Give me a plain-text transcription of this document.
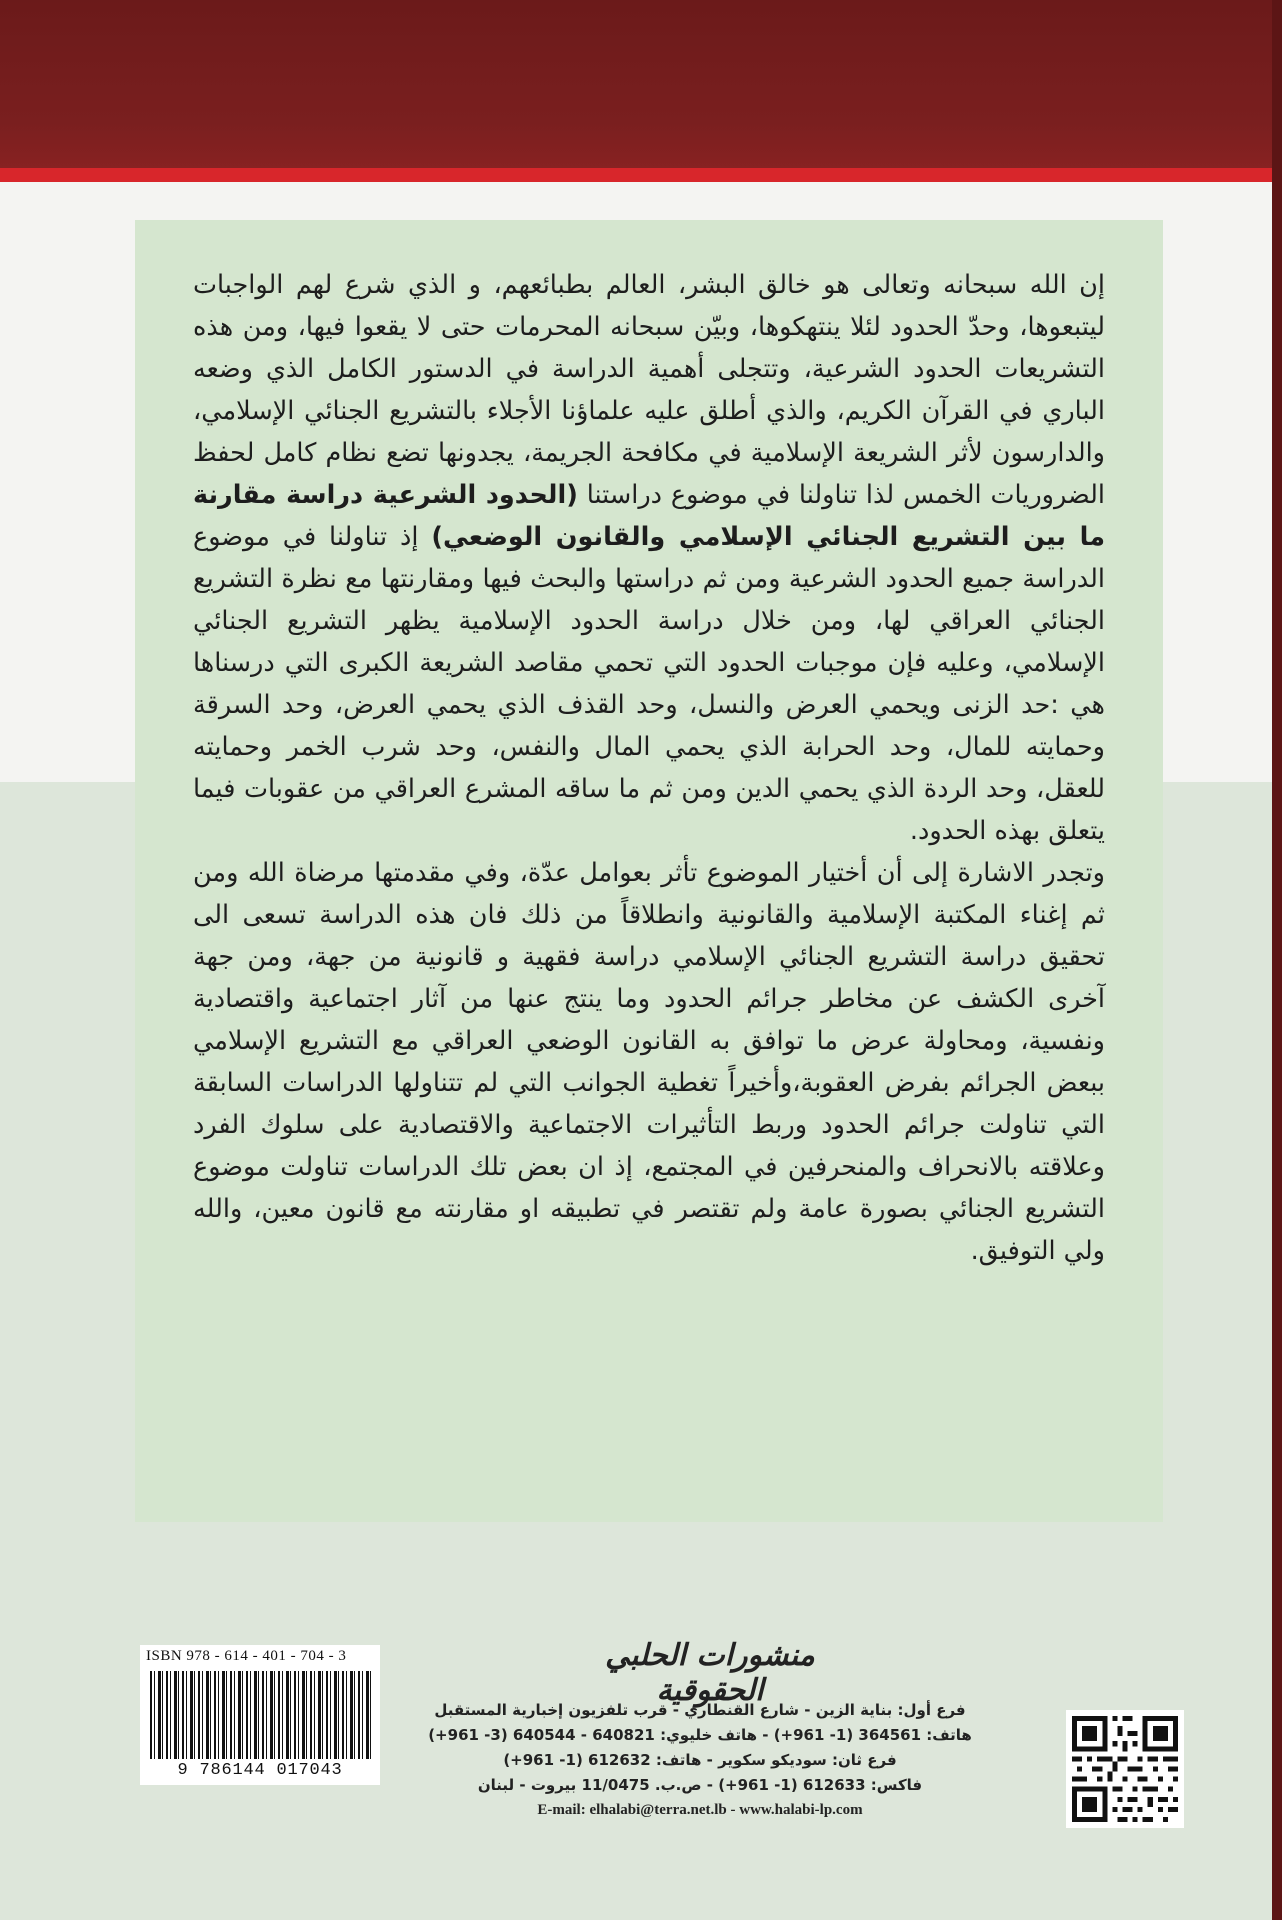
إن الله سبحانه وتعالى هو خالق البشر، العالم بطبائعهم، و الذي شرع لهم الواجبات ليتبعوها، وحدّ الحدود لئلا ينتهكوها، وبيّن سبحانه المحرمات حتى لا يقعوا فيها، ومن هذه التشريعات الحدود الشرعية، وتتجلى أهمية الدراسة في الدستور الكامل الذي وضعه الباري في القرآن الكريم، والذي أطلق عليه علماؤنا الأجلاء بالتشريع الجنائي الإسلامي، والدارسون لأثر الشريعة الإسلامية في مكافحة الجريمة، يجدونها تضع نظام كامل لحفظ الضروريات الخمس لذا تناولنا في موضوع دراستنا (الحدود الشرعية دراسة مقارنة ما بين التشريع الجنائي الإسلامي والقانون الوضعي) إذ تناولنا في موضوع الدراسة جميع الحدود الشرعية ومن ثم دراستها والبحث فيها ومقارنتها مع نظرة التشريع الجنائي العراقي لها، ومن خلال دراسة الحدود الإسلامية يظهر التشريع الجنائي الإسلامي، وعليه فإن موجبات الحدود التي تحمي مقاصد الشريعة الكبرى التي درسناها هي :حد الزنى ويحمي العرض والنسل، وحد القذف الذي يحمي العرض، وحد السرقة وحمايته للمال، وحد الحرابة الذي يحمي المال والنفس، وحد شرب الخمر وحمايته للعقل، وحد الردة الذي يحمي الدين ومن ثم ما ساقه المشرع العراقي من عقوبات فيما يتعلق بهذه الحدود.

وتجدر الاشارة إلى أن أختيار الموضوع تأثر بعوامل عدّة، وفي مقدمتها مرضاة الله ومن ثم إغناء المكتبة الإسلامية والقانونية وانطلاقاً من ذلك فان هذه الدراسة تسعى الى تحقيق دراسة التشريع الجنائي الإسلامي دراسة فقهية و قانونية من جهة، ومن جهة آخرى الكشف عن مخاطر جرائم الحدود وما ينتج عنها من آثار اجتماعية واقتصادية ونفسية، ومحاولة عرض ما توافق به القانون الوضعي العراقي مع التشريع الإسلامي ببعض الجرائم بفرض العقوبة،وأخيراً تغطية الجوانب التي لم تتناولها الدراسات السابقة التي تناولت جرائم الحدود وربط التأثيرات الاجتماعية والاقتصادية على سلوك الفرد وعلاقته بالانحراف والمنحرفين في المجتمع، إذ ان بعض تلك الدراسات تناولت موضوع التشريع الجنائي بصورة عامة ولم تقتصر في تطبيقه او مقارنته مع قانون معين، والله ولي التوفيق.

ISBN 978 - 614 - 401 - 704 - 3
9 786144 017043
منشورات الحلبي الحقوقية
فرع أول: بناية الزين - شارع القنطاري - قرب تلفزيون إخبارية المستقبل
هاتف: 364561 (1- 961+) - هاتف خليوي: 640821 - 640544 (3- 961+)
فرع ثان: سوديكو سكوير - هاتف: 612632 (1- 961+)
فاكس: 612633 (1- 961+) - ص.ب. 11/0475 بيروت - لبنان
E-mail: elhalabi@terra.net.lb - www.halabi-lp.com
